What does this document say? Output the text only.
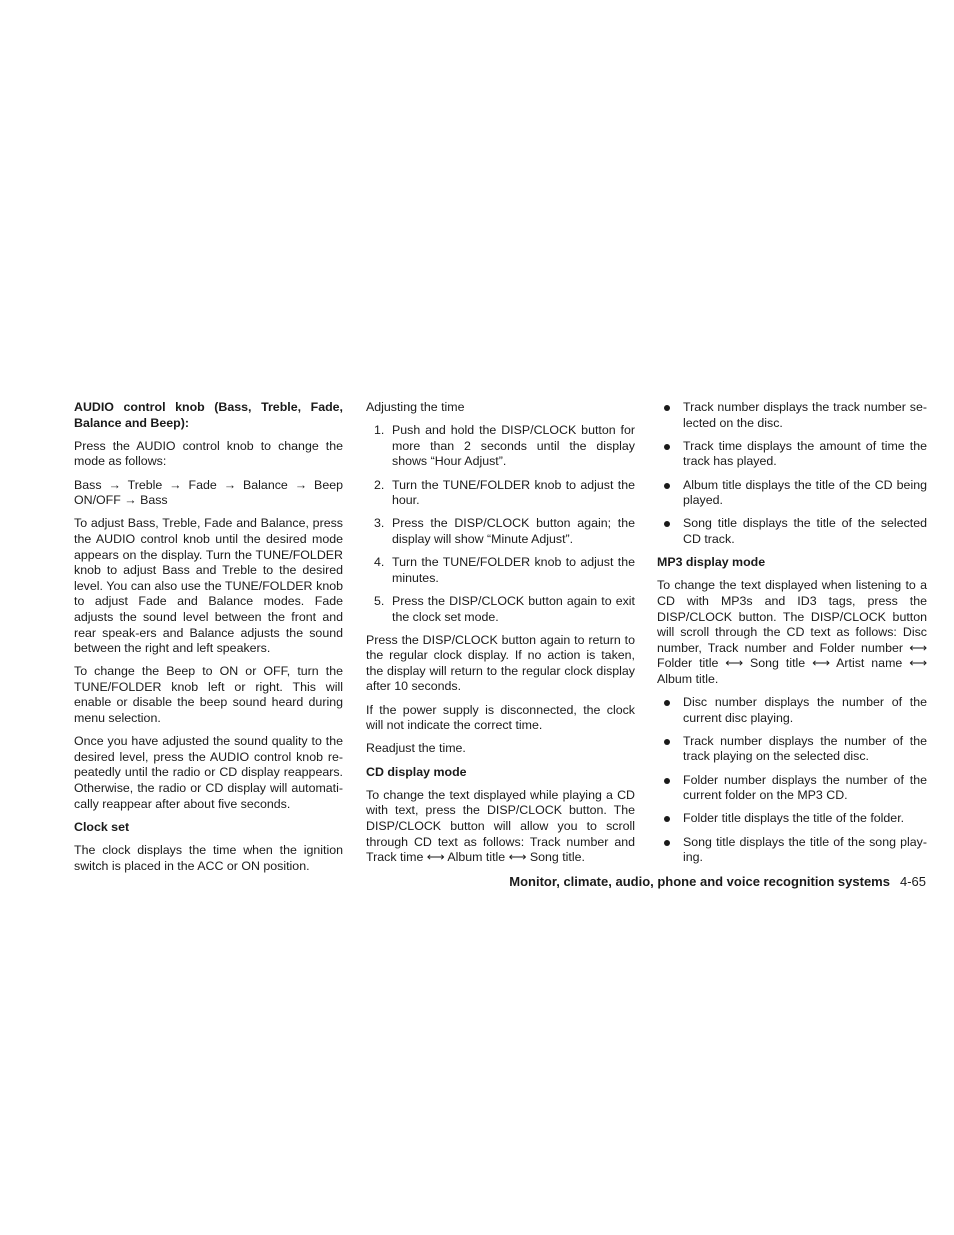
AUDIO control knob (Bass, Treble, Fade, Balance and Beep):

Press the AUDIO control knob to change the mode as follows:

Bass → Treble → Fade → Balance → Beep ON/OFF → Bass

To adjust Bass, Treble, Fade and Balance, press the AUDIO control knob until the desired mode appears on the display. Turn the TUNE/FOLDER knob to adjust Bass and Treble to the desired level. You can also use the TUNE/FOLDER knob to adjust Fade and Balance modes. Fade adjusts the sound level between the front and rear speak-ers and Balance adjusts the sound between the right and left speakers.

To change the Beep to ON or OFF, turn the TUNE/FOLDER knob left or right. This will enable or disable the beep sound heard during menu selection.

Once you have adjusted the sound quality to the desired level, press the AUDIO control knob re-peatedly until the radio or CD display reappears. Otherwise, the radio or CD display will automati-cally reappear after about five seconds.

Clock set

The clock displays the time when the ignition switch is placed in the ACC or ON position.

Adjusting the time

1. Push and hold the DISP/CLOCK button for more than 2 seconds until the display shows “Hour Adjust”.
2. Turn the TUNE/FOLDER knob to adjust the hour.
3. Press the DISP/CLOCK button again; the display will show “Minute Adjust”.
4. Turn the TUNE/FOLDER knob to adjust the minutes.
5. Press the DISP/CLOCK button again to exit the clock set mode.

Press the DISP/CLOCK button again to return to the regular clock display. If no action is taken, the display will return to the regular clock display after 10 seconds.

If the power supply is disconnected, the clock will not indicate the correct time.

Readjust the time.

CD display mode

To change the text displayed while playing a CD with text, press the DISP/CLOCK button. The DISP/CLOCK button will allow you to scroll through CD text as follows: Track number and Track time ⟷ Album title ⟷ Song title.

Track number displays the track number se-lected on the disc.
Track time displays the amount of time the track has played.
Album title displays the title of the CD being played.
Song title displays the title of the selected CD track.
MP3 display mode

To change the text displayed when listening to a CD with MP3s and ID3 tags, press the DISP/CLOCK button. The DISP/CLOCK button will scroll through the CD text as follows: Disc number, Track number and Folder number ⟷ Folder title ⟷ Song title ⟷ Artist name ⟷ Album title.

Disc number displays the number of the current disc playing.
Track number displays the number of the track playing on the selected disc.
Folder number displays the number of the current folder on the MP3 CD.
Folder title displays the title of the folder.
Song title displays the title of the song play-ing.
Monitor, climate, audio, phone and voice recognition systems 4-65
